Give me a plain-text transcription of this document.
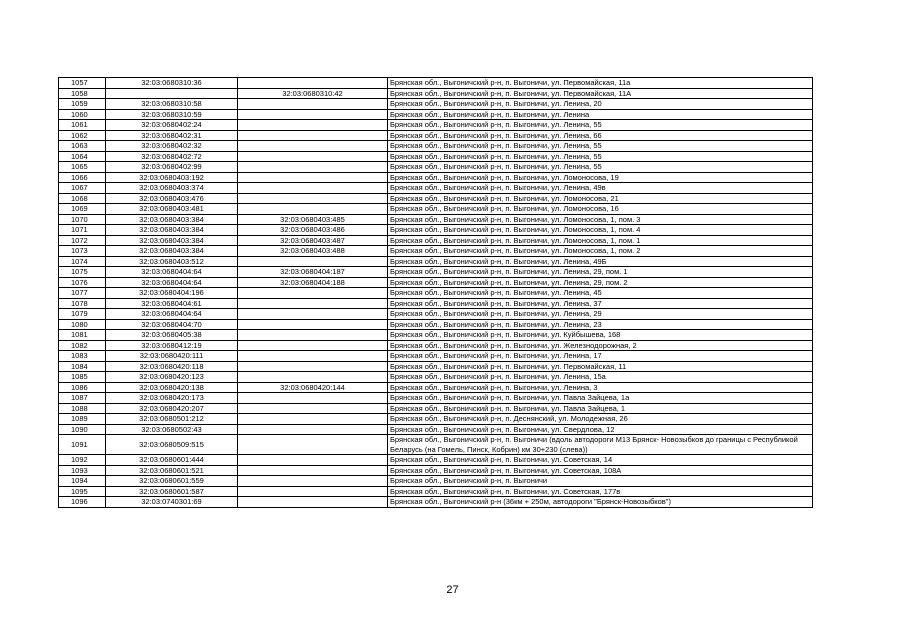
1057	32:03:0680310:36		Брянская обл., Выгоничский р-н, п. Выгоничи, ул. Первомайская, 11а
1058		32:03:0680310:42	Брянская обл., Выгоничский р-н, п. Выгоничи, ул. Первомайская, 11А
1059	32:03:0680310:58		Брянская обл., Выгоничский р-н, п. Выгоничи, ул. Ленина, 20
1060	32:03:0680310:59		Брянская обл., Выгоничский р-н, п. Выгоничи, ул. Ленина
1061	32:03:0680402:24		Брянская обл., Выгоничский р-н, п. Выгоничи, ул. Ленина, 55
1062	32:03:0680402:31		Брянская обл., Выгоничский р-н, п. Выгоничи, ул. Ленина, 66
1063	32:03:0680402:32		Брянская обл., Выгоничский р-н, п. Выгоничи, ул. Ленина, 55
1064	32:03:0680402:72		Брянская обл., Выгоничский р-н, п. Выгоничи, ул. Ленина, 55
1065	32:03:0680402:99		Брянская обл., Выгоничский р-н, п. Выгоничи, ул. Ленина, 55
1066	32:03:0680403:192		Брянская обл., Выгоничский р-н, п. Выгоничи, ул. Ломоносова, 19
1067	32:03:0680403:374		Брянская обл., Выгоничский р-н, п. Выгоничи, ул. Ленина, 49в
1068	32:03:0680403:476		Брянская обл., Выгоничский р-н, п. Выгоничи, ул. Ломоносова, 21
1069	32:03:0680403:481		Брянская обл., Выгоничский р-н, п. Выгоничи, ул. Ломоносова, 16
1070	32:03:0680403:384	32:03:0680403:485	Брянская обл., Выгоничский р-н, п. Выгоничи, ул. Ломоносова, 1, пом. 3
1071	32:03:0680403:384	32:03:0680403:486	Брянская обл., Выгоничский р-н, п. Выгоничи, ул. Ломоносова, 1, пом. 4
1072	32:03:0680403:384	32:03:0680403:487	Брянская обл., Выгоничский р-н, п. Выгоничи, ул. Ломоносова, 1, пом. 1
1073	32:03:0680403:384	32:03:0680403:488	Брянская обл., Выгоничский р-н, п. Выгоничи, ул. Ломоносова, 1, пом. 2
1074	32:03:0680403:512		Брянская обл., Выгоничский р-н, п. Выгоничи, ул. Ленина, 49Б
1075	32:03:0680404:64	32:03:0680404:187	Брянская обл., Выгоничский р-н, п. Выгоничи, ул. Ленина, 29, пом. 1
1076	32:03:0680404:64	32:03:0680404:188	Брянская обл., Выгоничский р-н, п. Выгоничи, ул. Ленина, 29, пом. 2
1077	32:03:0680404:196		Брянская обл., Выгоничский р-н, п. Выгоничи, ул. Ленина, 45
1078	32:03:0680404:61		Брянская обл., Выгоничский р-н, п. Выгоничи, ул. Ленина, 37
1079	32:03:0680404:64		Брянская обл., Выгоничский р-н, п. Выгоничи, ул. Ленина, 29
1080	32:03:0680404:70		Брянская обл., Выгоничский р-н, п. Выгоничи, ул. Ленина, 23
1081	32:03:0680405:38		Брянская обл., Выгоничский р-н, п. Выгоничи, ул. Куйбышева, 168
1082	32:03:0680412:19		Брянская обл., Выгоничский р-н, п. Выгоничи, ул. Железнодорожная, 2
1083	32:03:0680420:111		Брянская обл., Выгоничский р-н, п. Выгоничи, ул. Ленина, 17
1084	32:03:0680420:118		Брянская обл., Выгоничский р-н, п. Выгоничи, ул. Первомайская, 11
1085	32:03:0680420:123		Брянская обл., Выгоничский р-н, п. Выгоничи, ул. Ленина, 15а
1086	32:03:0680420:138	32:03:0680420:144	Брянская обл., Выгоничский р-н, п. Выгоничи, ул. Ленина, 3
1087	32:03:0680420:173		Брянская обл., Выгоничский р-н, п. Выгоничи, ул. Павла Зайцева, 1а
1088	32:03:0680420:207		Брянская обл., Выгоничский р-н, п. Выгоничи, ул. Павла Зайцева, 1
1089	32:03:0680501:212		Брянская обл., Выгоничский р-н, п. Деснянский, ул. Молодежная, 26
1090	32:03:0680502:43		Брянская обл., Выгоничский р-н, п. Выгоничи, ул. Свердлова, 12
1091	32:03:0680509:515		Брянская обл., Выгоничский р-н, п. Выгоничи (вдоль автодороги М13 Брянск- Новозыбков до границы с Республикой Беларусь (на Гомель, Пинск, Кобрин) км 30+230 (слева))
1092	32:03:0680601:444		Брянская обл., Выгоничский р-н, п. Выгоничи, ул. Советская, 14
1093	32:03:0680601:521		Брянская обл., Выгоничский р-н, п. Выгоничи, ул. Советская, 108А
1094	32:03:0680601:559		Брянская обл., Выгоничский р-н, п. Выгоничи
1095	32:03:0680601:587		Брянская обл., Выгоничский р-н, п. Выгоничи, ул. Советская, 177в
1096	32:03:0740301:69		Брянская обл., Выгоничский р-н (36км + 250м, автодороги "Брянск-Новозыбков")
27
